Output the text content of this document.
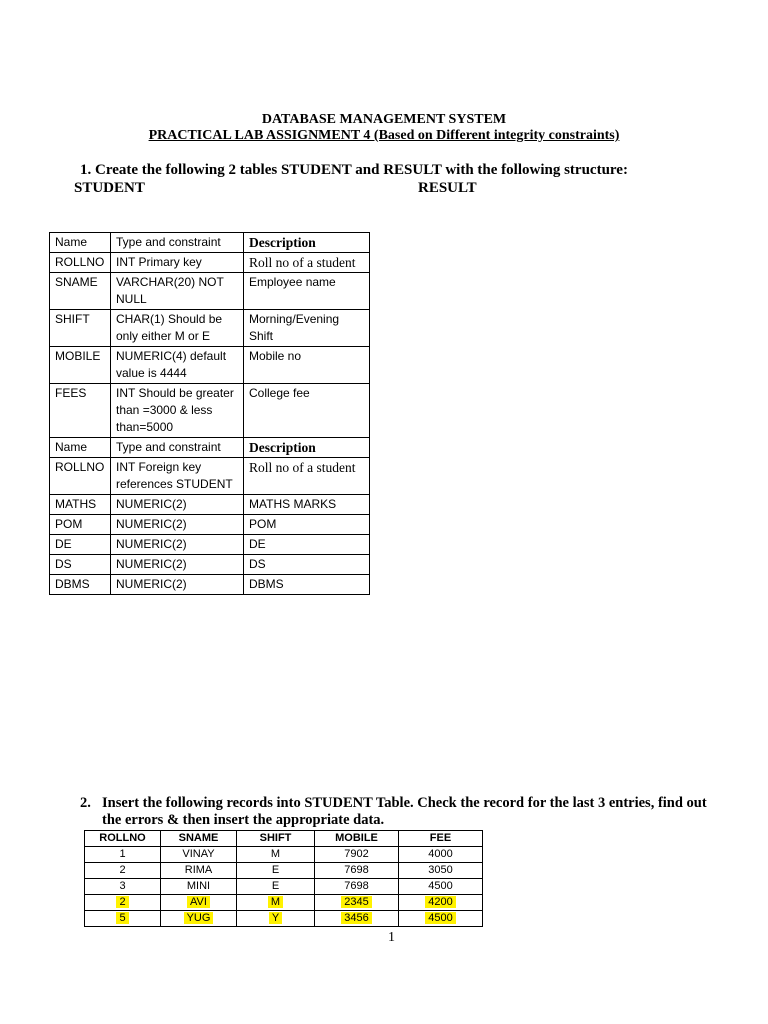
DATABASE MANAGEMENT SYSTEM
PRACTICAL LAB ASSIGNMENT 4 (Based on Different integrity constraints)
1. Create the following 2 tables STUDENT and RESULT with the following structure:
STUDENT	RESULT
Name	Type and constraint	Description
ROLLNO	INT Primary key	Roll no of a student
SNAME	VARCHAR(20) NOT NULL	Employee name
SHIFT	CHAR(1) Should be only either M or E	Morning/Evening Shift
MOBILE	NUMERIC(4) default value is 4444	Mobile no
FEES	INT Should be greater than =3000 & less than=5000	College fee
Name	Type and constraint	Description
ROLLNO	INT Foreign key references STUDENT	Roll no of a student
MATHS	NUMERIC(2)	MATHS MARKS
POM	NUMERIC(2)	POM
DE	NUMERIC(2)	DE
DS	NUMERIC(2)	DS
DBMS	NUMERIC(2)	DBMS
2. Insert the following records into STUDENT Table. Check the record for the last 3 entries, find out the errors & then insert the appropriate data.
ROLLNO	SNAME	SHIFT	MOBILE	FEE
1	VINAY	M	7902	4000
2	RIMA	E	7698	3050
3	MINI	E	7698	4500
2	AVI	M	2345	4200
5	YUG	Y	3456	4500
1
